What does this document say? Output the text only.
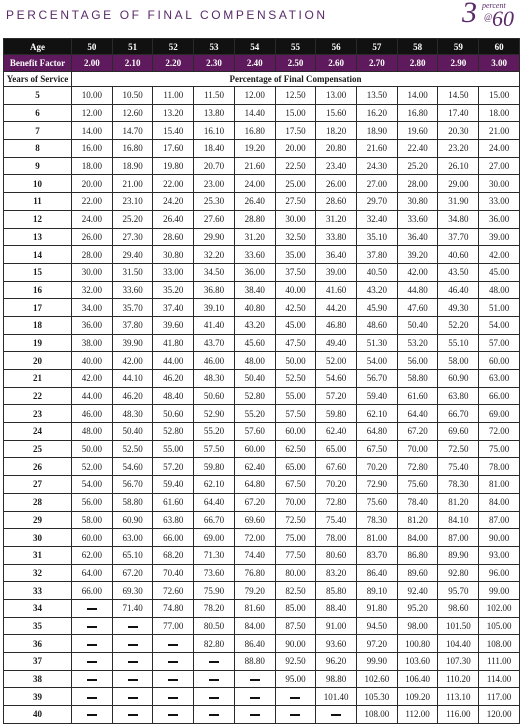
PERCENTAGE OF FINAL COMPENSATION	3 percent
@ 60
Age	50	51	52	53	54	55	56	57	58	59	60
Benefit Factor	2.00	2.10	2.20	2.30	2.40	2.50	2.60	2.70	2.80	2.90	3.00
Years of Service	Percentage of Final Compensation										
5	10.00	10.50	11.00	11.50	12.00	12.50	13.00	13.50	14.00	14.50	15.00
6	12.00	12.60	13.20	13.80	14.40	15.00	15.60	16.20	16.80	17.40	18.00
7	14.00	14.70	15.40	16.10	16.80	17.50	18.20	18.90	19.60	20.30	21.00
8	16.00	16.80	17.60	18.40	19.20	20.00	20.80	21.60	22.40	23.20	24.00
9	18.00	18.90	19.80	20.70	21.60	22.50	23.40	24.30	25.20	26.10	27.00
10	20.00	21.00	22.00	23.00	24.00	25.00	26.00	27.00	28.00	29.00	30.00
11	22.00	23.10	24.20	25.30	26.40	27.50	28.60	29.70	30.80	31.90	33.00
12	24.00	25.20	26.40	27.60	28.80	30.00	31.20	32.40	33.60	34.80	36.00
13	26.00	27.30	28.60	29.90	31.20	32.50	33.80	35.10	36.40	37.70	39.00
14	28.00	29.40	30.80	32.20	33.60	35.00	36.40	37.80	39.20	40.60	42.00
15	30.00	31.50	33.00	34.50	36.00	37.50	39.00	40.50	42.00	43.50	45.00
16	32.00	33.60	35.20	36.80	38.40	40.00	41.60	43.20	44.80	46.40	48.00
17	34.00	35.70	37.40	39.10	40.80	42.50	44.20	45.90	47.60	49.30	51.00
18	36.00	37.80	39.60	41.40	43.20	45.00	46.80	48.60	50.40	52.20	54.00
19	38.00	39.90	41.80	43.70	45.60	47.50	49.40	51.30	53.20	55.10	57.00
20	40.00	42.00	44.00	46.00	48.00	50.00	52.00	54.00	56.00	58.00	60.00
21	42.00	44.10	46.20	48.30	50.40	52.50	54.60	56.70	58.80	60.90	63.00
22	44.00	46.20	48.40	50.60	52.80	55.00	57.20	59.40	61.60	63.80	66.00
23	46.00	48.30	50.60	52.90	55.20	57.50	59.80	62.10	64.40	66.70	69.00
24	48.00	50.40	52.80	55.20	57.60	60.00	62.40	64.80	67.20	69.60	72.00
25	50.00	52.50	55.00	57.50	60.00	62.50	65.00	67.50	70.00	72.50	75.00
26	52.00	54.60	57.20	59.80	62.40	65.00	67.60	70.20	72.80	75.40	78.00
27	54.00	56.70	59.40	62.10	64.80	67.50	70.20	72.90	75.60	78.30	81.00
28	56.00	58.80	61.60	64.40	67.20	70.00	72.80	75.60	78.40	81.20	84.00
29	58.00	60.90	63.80	66.70	69.60	72.50	75.40	78.30	81.20	84.10	87.00
30	60.00	63.00	66.00	69.00	72.00	75.00	78.00	81.00	84.00	87.00	90.00
31	62.00	65.10	68.20	71.30	74.40	77.50	80.60	83.70	86.80	89.90	93.00
32	64.00	67.20	70.40	73.60	76.80	80.00	83.20	86.40	89.60	92.80	96.00
33	66.00	69.30	72.60	75.90	79.20	82.50	85.80	89.10	92.40	95.70	99.00
34		71.40	74.80	78.20	81.60	85.00	88.40	91.80	95.20	98.60	102.00
35			77.00	80.50	84.00	87.50	91.00	94.50	98.00	101.50	105.00
36				82.80	86.40	90.00	93.60	97.20	100.80	104.40	108.00
37					88.80	92.50	96.20	99.90	103.60	107.30	111.00
38						95.00	98.80	102.60	106.40	110.20	114.00
39							101.40	105.30	109.20	113.10	117.00
40								108.00	112.00	116.00	120.00
